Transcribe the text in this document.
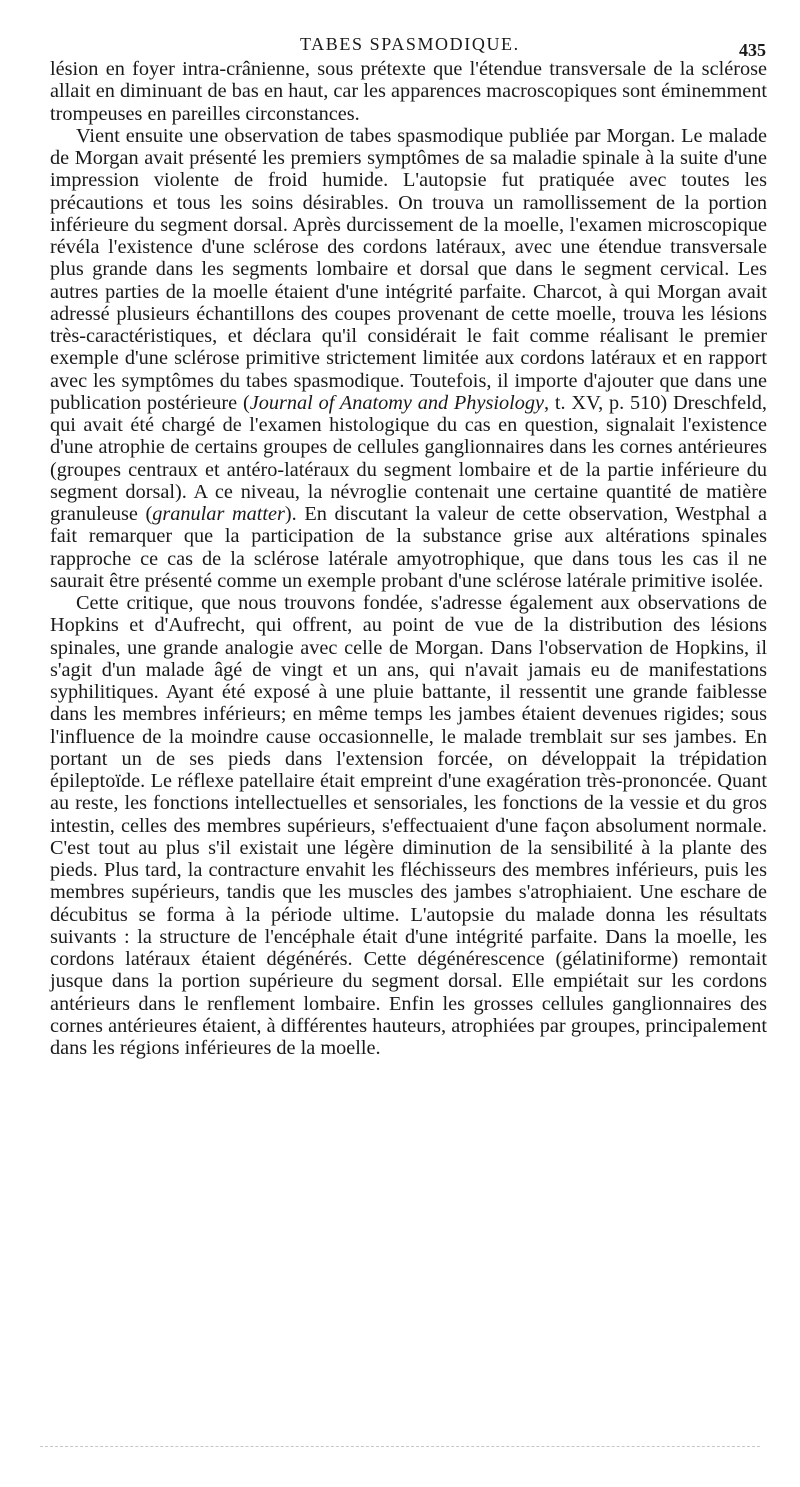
TABES SPASMODIQUE.	435

lésion en foyer intra-crânienne, sous prétexte que l'étendue transversale de la sclérose allait en diminuant de bas en haut, car les apparences macroscopiques sont éminemment trompeuses en pareilles circonstances.

Vient ensuite une observation de tabes spasmodique publiée par Morgan. Le malade de Morgan avait présenté les premiers symptômes de sa maladie spinale à la suite d'une impression violente de froid humide. L'autopsie fut pratiquée avec toutes les précautions et tous les soins désirables. On trouva un ramollissement de la portion inférieure du segment dorsal. Après durcissement de la moelle, l'examen microscopique révéla l'existence d'une sclérose des cordons latéraux, avec une étendue transversale plus grande dans les segments lombaire et dorsal que dans le segment cervical. Les autres parties de la moelle étaient d'une intégrité parfaite. Charcot, à qui Morgan avait adressé plusieurs échantillons des coupes provenant de cette moelle, trouva les lésions très-caractéristiques, et déclara qu'il considérait le fait comme réalisant le premier exemple d'une sclérose primitive strictement limitée aux cordons latéraux et en rapport avec les symptômes du tabes spasmodique. Toutefois, il importe d'ajouter que dans une publication postérieure (Journal of Anatomy and Physiology, t. XV, p. 510) Dreschfeld, qui avait été chargé de l'examen histologique du cas en question, signalait l'existence d'une atrophie de certains groupes de cellules ganglionnaires dans les cornes antérieures (groupes centraux et antéro-latéraux du segment lombaire et de la partie inférieure du segment dorsal). A ce niveau, la névroglie contenait une certaine quantité de matière granuleuse (granular matter). En discutant la valeur de cette observation, Westphal a fait remarquer que la participation de la substance grise aux altérations spinales rapproche ce cas de la sclérose latérale amyotrophique, que dans tous les cas il ne saurait être présenté comme un exemple probant d'une sclérose latérale primitive isolée.

Cette critique, que nous trouvons fondée, s'adresse également aux observations de Hopkins et d'Aufrecht, qui offrent, au point de vue de la distribution des lésions spinales, une grande analogie avec celle de Morgan. Dans l'observation de Hopkins, il s'agit d'un malade âgé de vingt et un ans, qui n'avait jamais eu de manifestations syphilitiques. Ayant été exposé à une pluie battante, il ressentit une grande faiblesse dans les membres inférieurs; en même temps les jambes étaient devenues rigides; sous l'influence de la moindre cause occasionnelle, le malade tremblait sur ses jambes. En portant un de ses pieds dans l'extension forcée, on développait la trépidation épileptoïde. Le réflexe patellaire était empreint d'une exagération très-prononcée. Quant au reste, les fonctions intellectuelles et sensoriales, les fonctions de la vessie et du gros intestin, celles des membres supérieurs, s'effectuaient d'une façon absolument normale. C'est tout au plus s'il existait une légère diminution de la sensibilité à la plante des pieds. Plus tard, la contracture envahit les fléchisseurs des membres inférieurs, puis les membres supérieurs, tandis que les muscles des jambes s'atrophiaient. Une eschare de décubitus se forma à la période ultime. L'autopsie du malade donna les résultats suivants : la structure de l'encéphale était d'une intégrité parfaite. Dans la moelle, les cordons latéraux étaient dégénérés. Cette dégénérescence (gélatiniforme) remontait jusque dans la portion supérieure du segment dorsal. Elle empiétait sur les cordons antérieurs dans le renflement lombaire. Enfin les grosses cellules ganglionnaires des cornes antérieures étaient, à différentes hauteurs, atrophiées par groupes, principalement dans les régions inférieures de la moelle.
